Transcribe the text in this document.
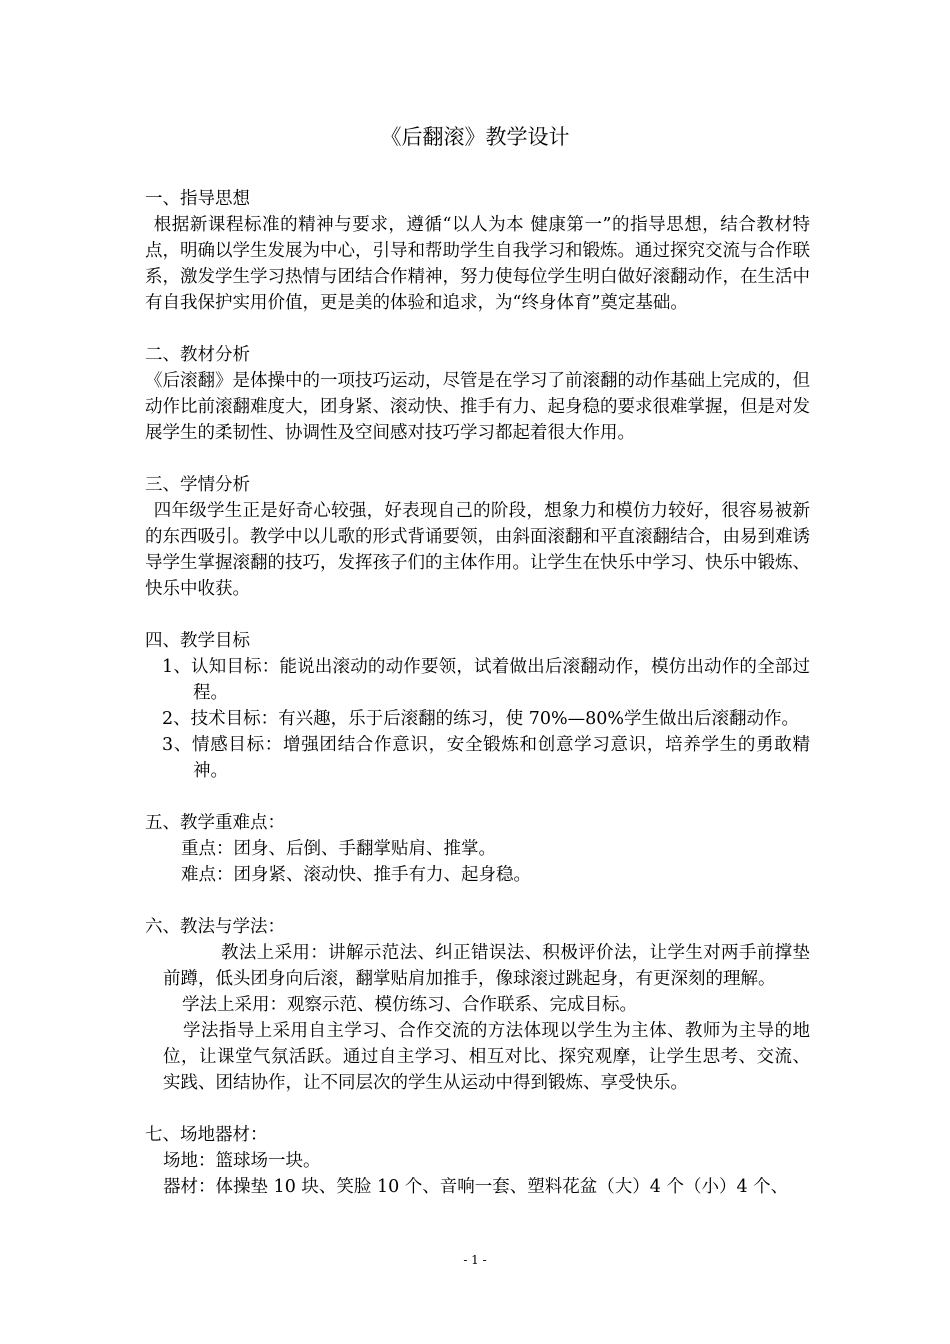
《后翻滚》教学设计

一、指导思想

根据新课程标准的精神与要求，遵循“以人为本 健康第一”的指导思想，结合教材特点，明确以学生发展为中心，引导和帮助学生自我学习和锻炼。通过探究交流与合作联系，激发学生学习热情与团结合作精神，努力使每位学生明白做好滚翻动作，在生活中有自我保护实用价值，更是美的体验和追求，为“终身体育”奠定基础。

二、教材分析

《后滚翻》是体操中的一项技巧运动，尽管是在学习了前滚翻的动作基础上完成的，但动作比前滚翻难度大，团身紧、滚动快、推手有力、起身稳的要求很难掌握，但是对发展学生的柔韧性、协调性及空间感对技巧学习都起着很大作用。

三、学情分析

四年级学生正是好奇心较强，好表现自己的阶段，想象力和模仿力较好，很容易被新的东西吸引。教学中以儿歌的形式背诵要领，由斜面滚翻和平直滚翻结合，由易到难诱导学生掌握滚翻的技巧，发挥孩子们的主体作用。让学生在快乐中学习、快乐中锻炼、快乐中收获。

四、教学目标

1、认知目标：能说出滚动的动作要领，试着做出后滚翻动作，模仿出动作的全部过程。

2、技术目标：有兴趣，乐于后滚翻的练习，使 70%—80%学生做出后滚翻动作。

3、情感目标：增强团结合作意识，安全锻炼和创意学习意识，培养学生的勇敢精神。

五、教学重难点：

重点：团身、后倒、手翻掌贴肩、推掌。

难点：团身紧、滚动快、推手有力、起身稳。

六、教法与学法：

教法上采用：讲解示范法、纠正错误法、积极评价法，让学生对两手前撑垫前蹲，低头团身向后滚，翻掌贴肩加推手，像球滚过跳起身，有更深刻的理解。

学法上采用：观察示范、模仿练习、合作联系、完成目标。

学法指导上采用自主学习、合作交流的方法体现以学生为主体、教师为主导的地位，让课堂气氛活跃。通过自主学习、相互对比、探究观摩，让学生思考、交流、实践、团结协作，让不同层次的学生从运动中得到锻炼、享受快乐。

七、场地器材：

场地：篮球场一块。

器材：体操垫 10 块、笑脸 10 个、音响一套、塑料花盆（大）4 个（小）4 个、

- 1 -
